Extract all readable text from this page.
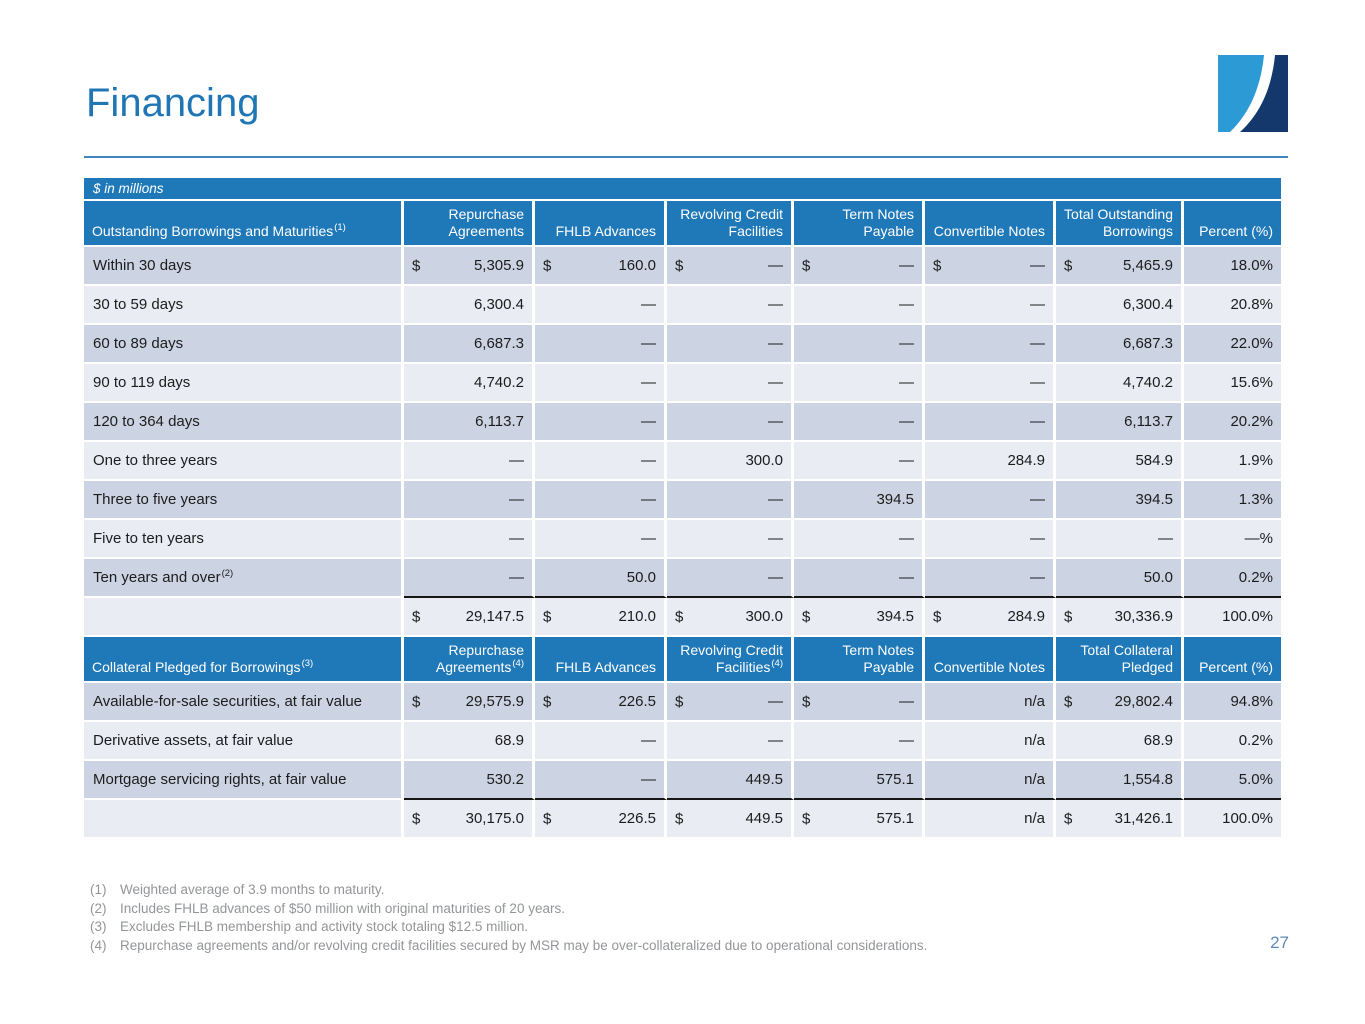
Financing
$ in millions
Outstanding Borrowings and Maturities$^{(1)}$	Repurchase Agreements	FHLB Advances	Revolving Credit Facilities	Term Notes Payable	Convertible Notes	Total Outstanding Borrowings	Percent (%)
Within 30 days	$ 5,305.9	$ 160.0	$ —	$ —	$ —	$ 5,465.9	18.0%
30 to 59 days	6,300.4	—	—	—	—	6,300.4	20.8%
60 to 89 days	6,687.3	—	—	—	—	6,687.3	22.0%
90 to 119 days	4,740.2	—	—	—	—	4,740.2	15.6%
120 to 364 days	6,113.7	—	—	—	—	6,113.7	20.2%
One to three years	—	—	300.0	—	284.9	584.9	1.9%
Three to five years	—	—	—	394.5	—	394.5	1.3%
Five to ten years	—	—	—	—	—	—	—%
Ten years and over$^{(2)}$	—	50.0	—	—	—	50.0	0.2%

	$ 29,147.5	$ 210.0	$ 300.0	$ 394.5	$ 284.9	$ 30,336.9	100.0%
Collateral Pledged for Borrowings$^{(3)}$	Repurchase Agreements$^{(4)}$	FHLB Advances	Revolving Credit Facilities$^{(4)}$	Term Notes Payable	Convertible Notes	Total Collateral Pledged	Percent (%)
Available-for-sale securities, at fair value	$ 29,575.9	$ 226.5	$ —	$ —	n/a	$ 29,802.4	94.8%
Derivative assets, at fair value	68.9	—	—	—	n/a	68.9	0.2%
Mortgage servicing rights, at fair value	530.2	—	449.5	575.1	n/a	1,554.8	5.0%

	$ 30,175.0	$ 226.5	$ 449.5	$ 575.1	n/a	$ 31,426.1	100.0%
(1)	Weighted average of 3.9 months to maturity.
(2)	Includes FHLB advances of $50 million with original maturities of 20 years.
(3)	Excludes FHLB membership and activity stock totaling $12.5 million.
(4)	Repurchase agreements and/or revolving credit facilities secured by MSR may be over-collateralized due to operational considerations.	27
